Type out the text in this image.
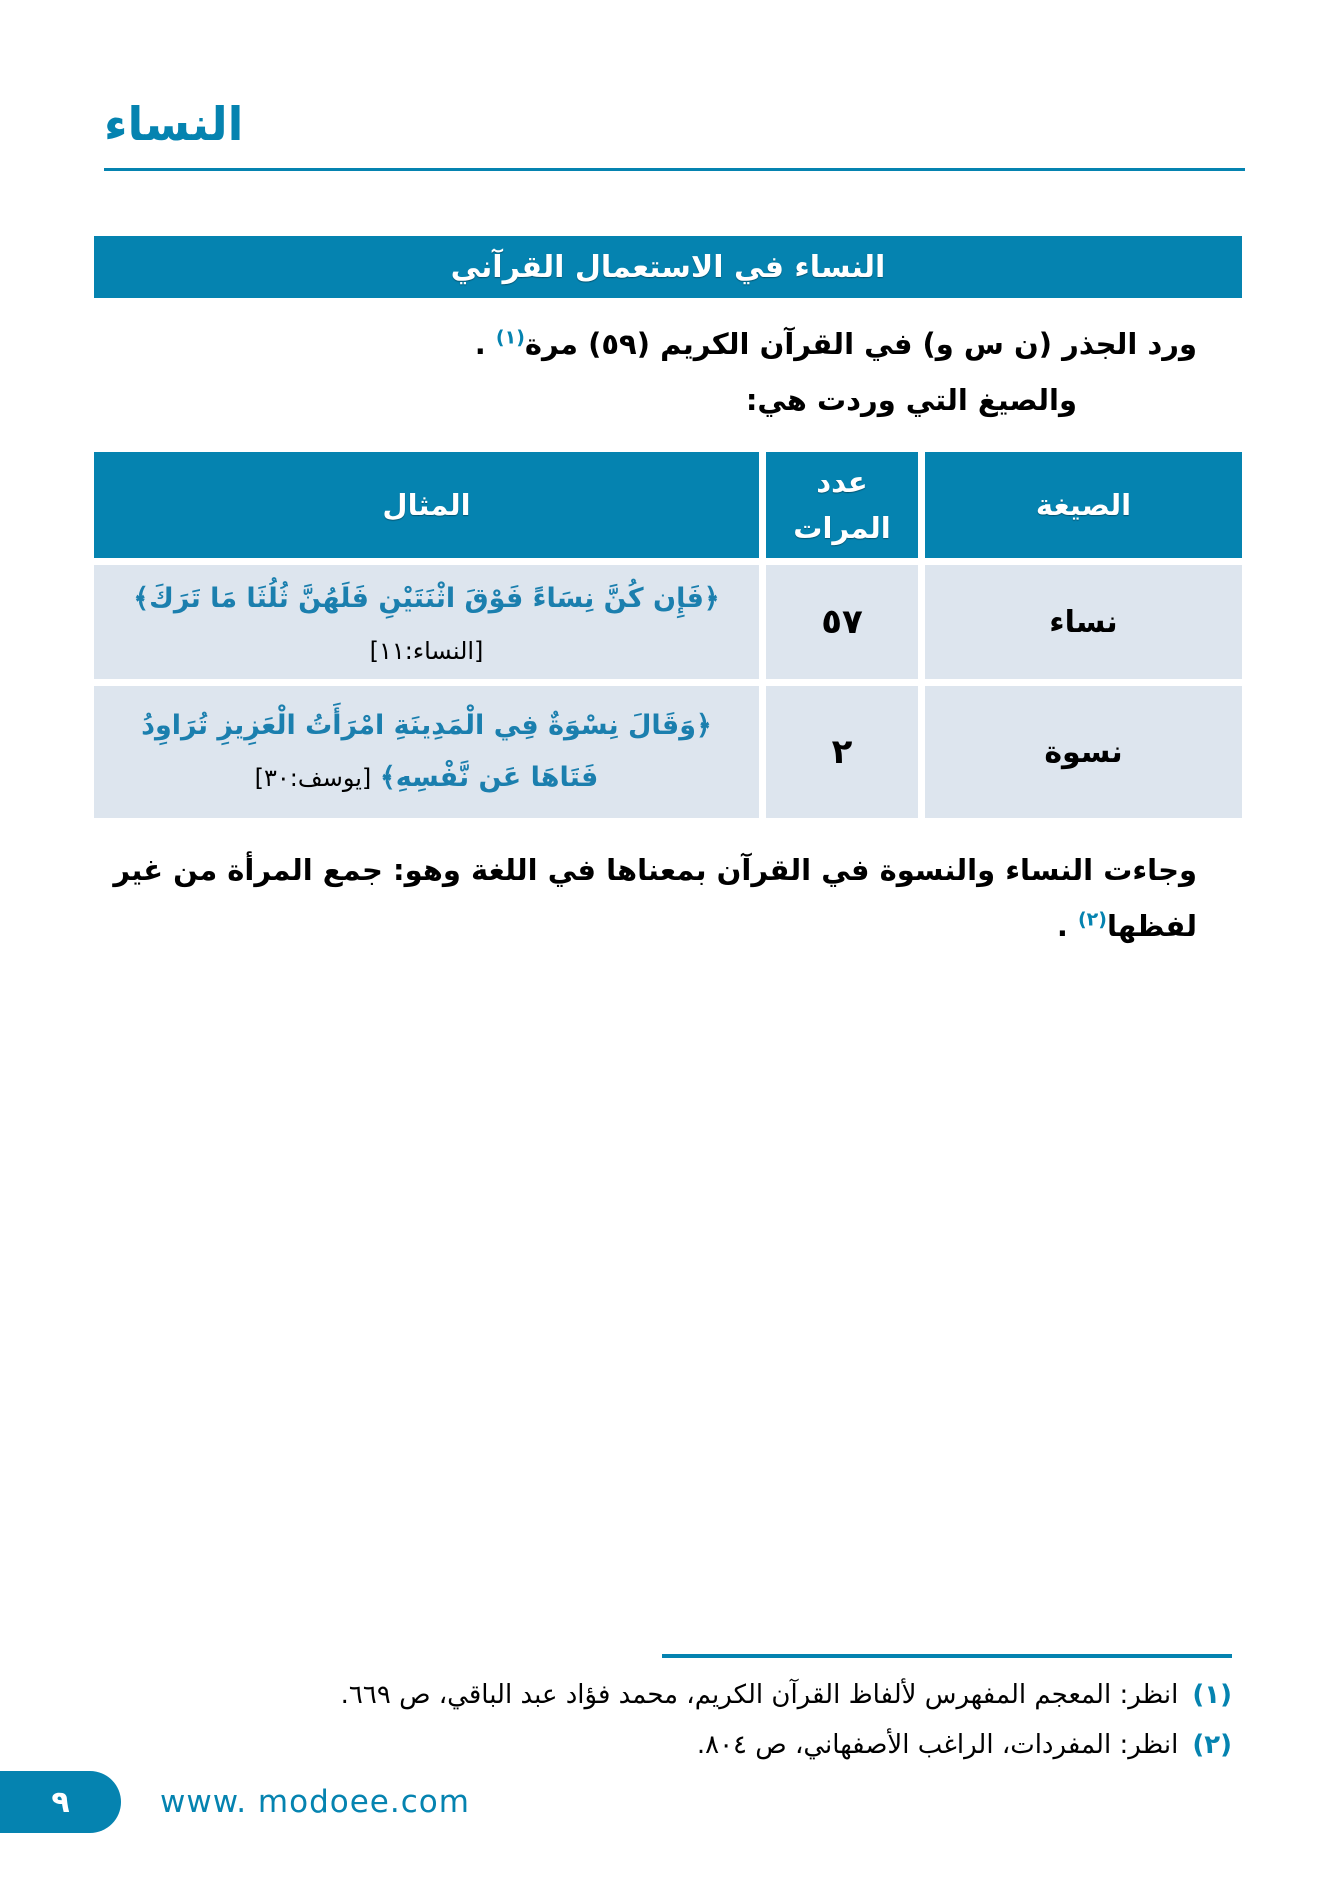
النساء
النساء في الاستعمال القرآني
ورد الجذر (ن س و) في القرآن الكريم (٥٩) مرة$^{(١)}$ .
والصيغ التي وردت هي:
الصيغة
عدد المرات
المثال
نساء
٥٧
﴿فَإِن كُنَّ نِسَاءً فَوْقَ اثْنَتَيْنِ فَلَهُنَّ ثُلُثَا مَا تَرَكَ﴾ [النساء:١١]
نسوة
٢
﴿وَقَالَ نِسْوَةٌ فِي الْمَدِينَةِ امْرَأَتُ الْعَزِيزِ تُرَاوِدُ فَتَاهَا عَن نَّفْسِهِ﴾ [يوسف:٣٠]
وجاءت النساء والنسوة في القرآن بمعناها في اللغة وهو: جمع المرأة من غير لفظها$^{(٢)}$ .
(١)انظر: المعجم المفهرس لألفاظ القرآن الكريم، محمد فؤاد عبد الباقي، ص ٦٦٩.
(٢)انظر: المفردات، الراغب الأصفهاني، ص ٨٠٤.
٩	www. modoee.com
